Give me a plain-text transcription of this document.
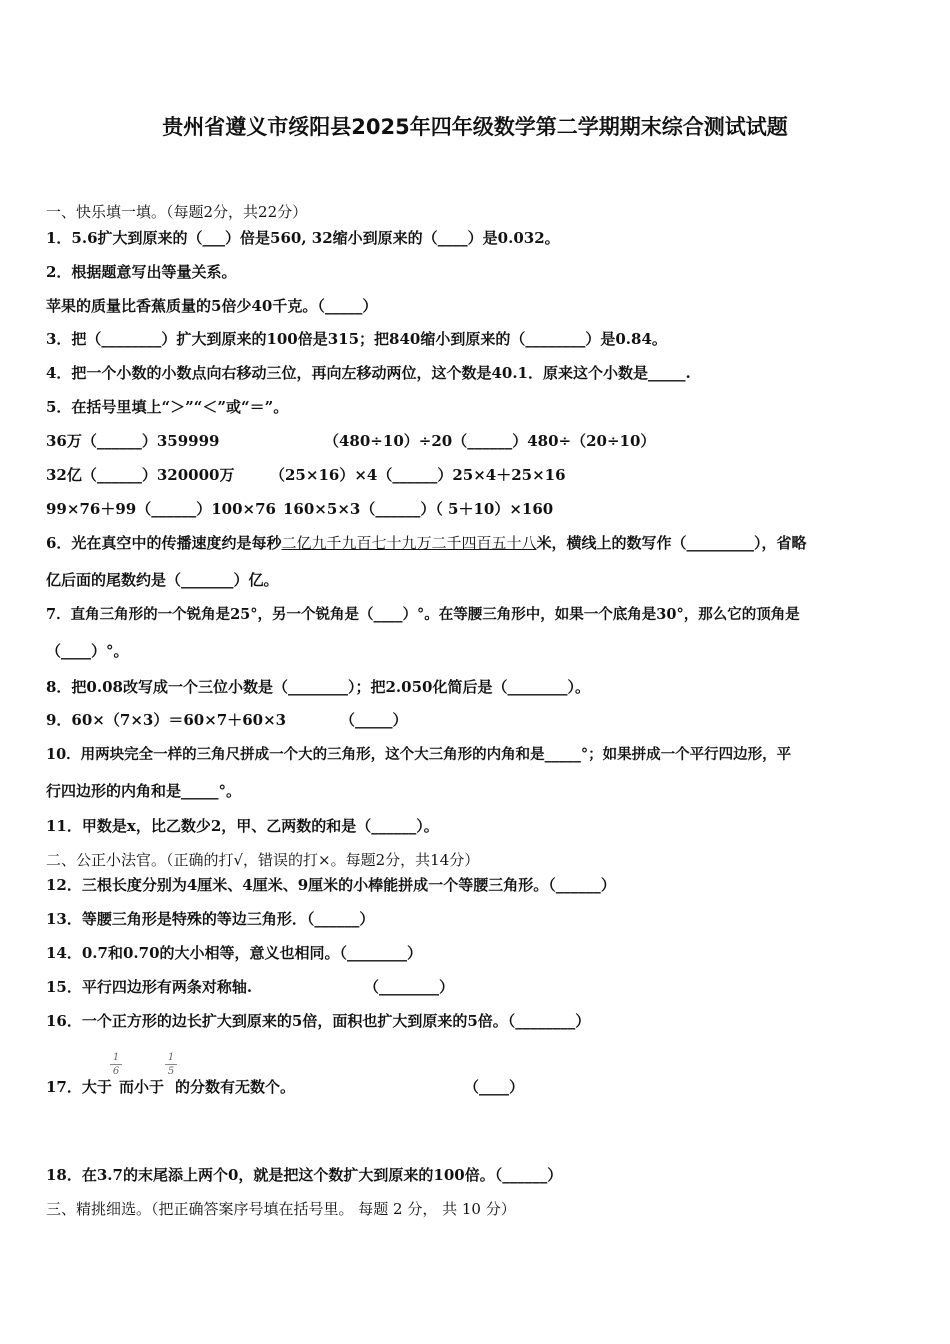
贵州省遵义市绥阳县2025年四年级数学第二学期期末综合测试试题
一、快乐填一填。（每题2分，共22分）
1．5.6扩大到原来的（___）倍是560, 32缩小到原来的（____）是0.032。
2．根据题意写出等量关系。
苹果的质量比香蕉质量的5倍少40千克。（_____）
3．把（________）扩大到原来的100倍是315；把840缩小到原来的（________）是0.84。
4．把一个小数的小数点向右移动三位，再向左移动两位，这个数是40.1．原来这个小数是_____.
5．在括号里填上“＞”“＜”或“＝”。
36万（______）359999	（480÷10）÷20（______）480÷（20÷10）
32亿（______）320000万 （25×16）×4（______）25×4＋25×16
99×76＋99（______）100×76 160×5×3（______）（ 5＋10）×160
6．光在真空中的传播速度约是每秒二亿九千九百七十九万二千四百五十八米，横线上的数写作（_________），省略
亿后面的尾数约是（_______）亿。
7．直角三角形的一个锐角是25°，另一个锐角是（____）°。在等腰三角形中，如果一个底角是30°，那么它的顶角是
（____）°。
8．把0.08改写成一个三位小数是（________）；把2.050化简后是（________）。
9．60×（7×3）＝60×7＋60×3	（_____）
10．用两块完全一样的三角尺拼成一个大的三角形，这个大三角形的内角和是_____°；如果拼成一个平行四边形，平
行四边形的内角和是_____°。
11．甲数是x，比乙数少2，甲、乙两数的和是（______）。
二、公正小法官。（正确的打√，错误的打×。每题2分，共14分）
12．三根长度分别为4厘米、4厘米、9厘米的小棒能拼成一个等腰三角形。（______）
13．等腰三角形是特殊的等边三角形．（______）
14．0.7和0.70的大小相等，意义也相同。（________）
15．平行四边形有两条对称轴.	（________）
16．一个正方形的边长扩大到原来的5倍，面积也扩大到原来的5倍。（________）
17．大于
1
6
而小于
1
5
的分数有无数个。	（____）
18．在3.7的末尾添上两个0，就是把这个数扩大到原来的100倍。（______）
三、精挑细选。（把正确答案序号填在括号里。 每题 2 分， 共 10 分）
